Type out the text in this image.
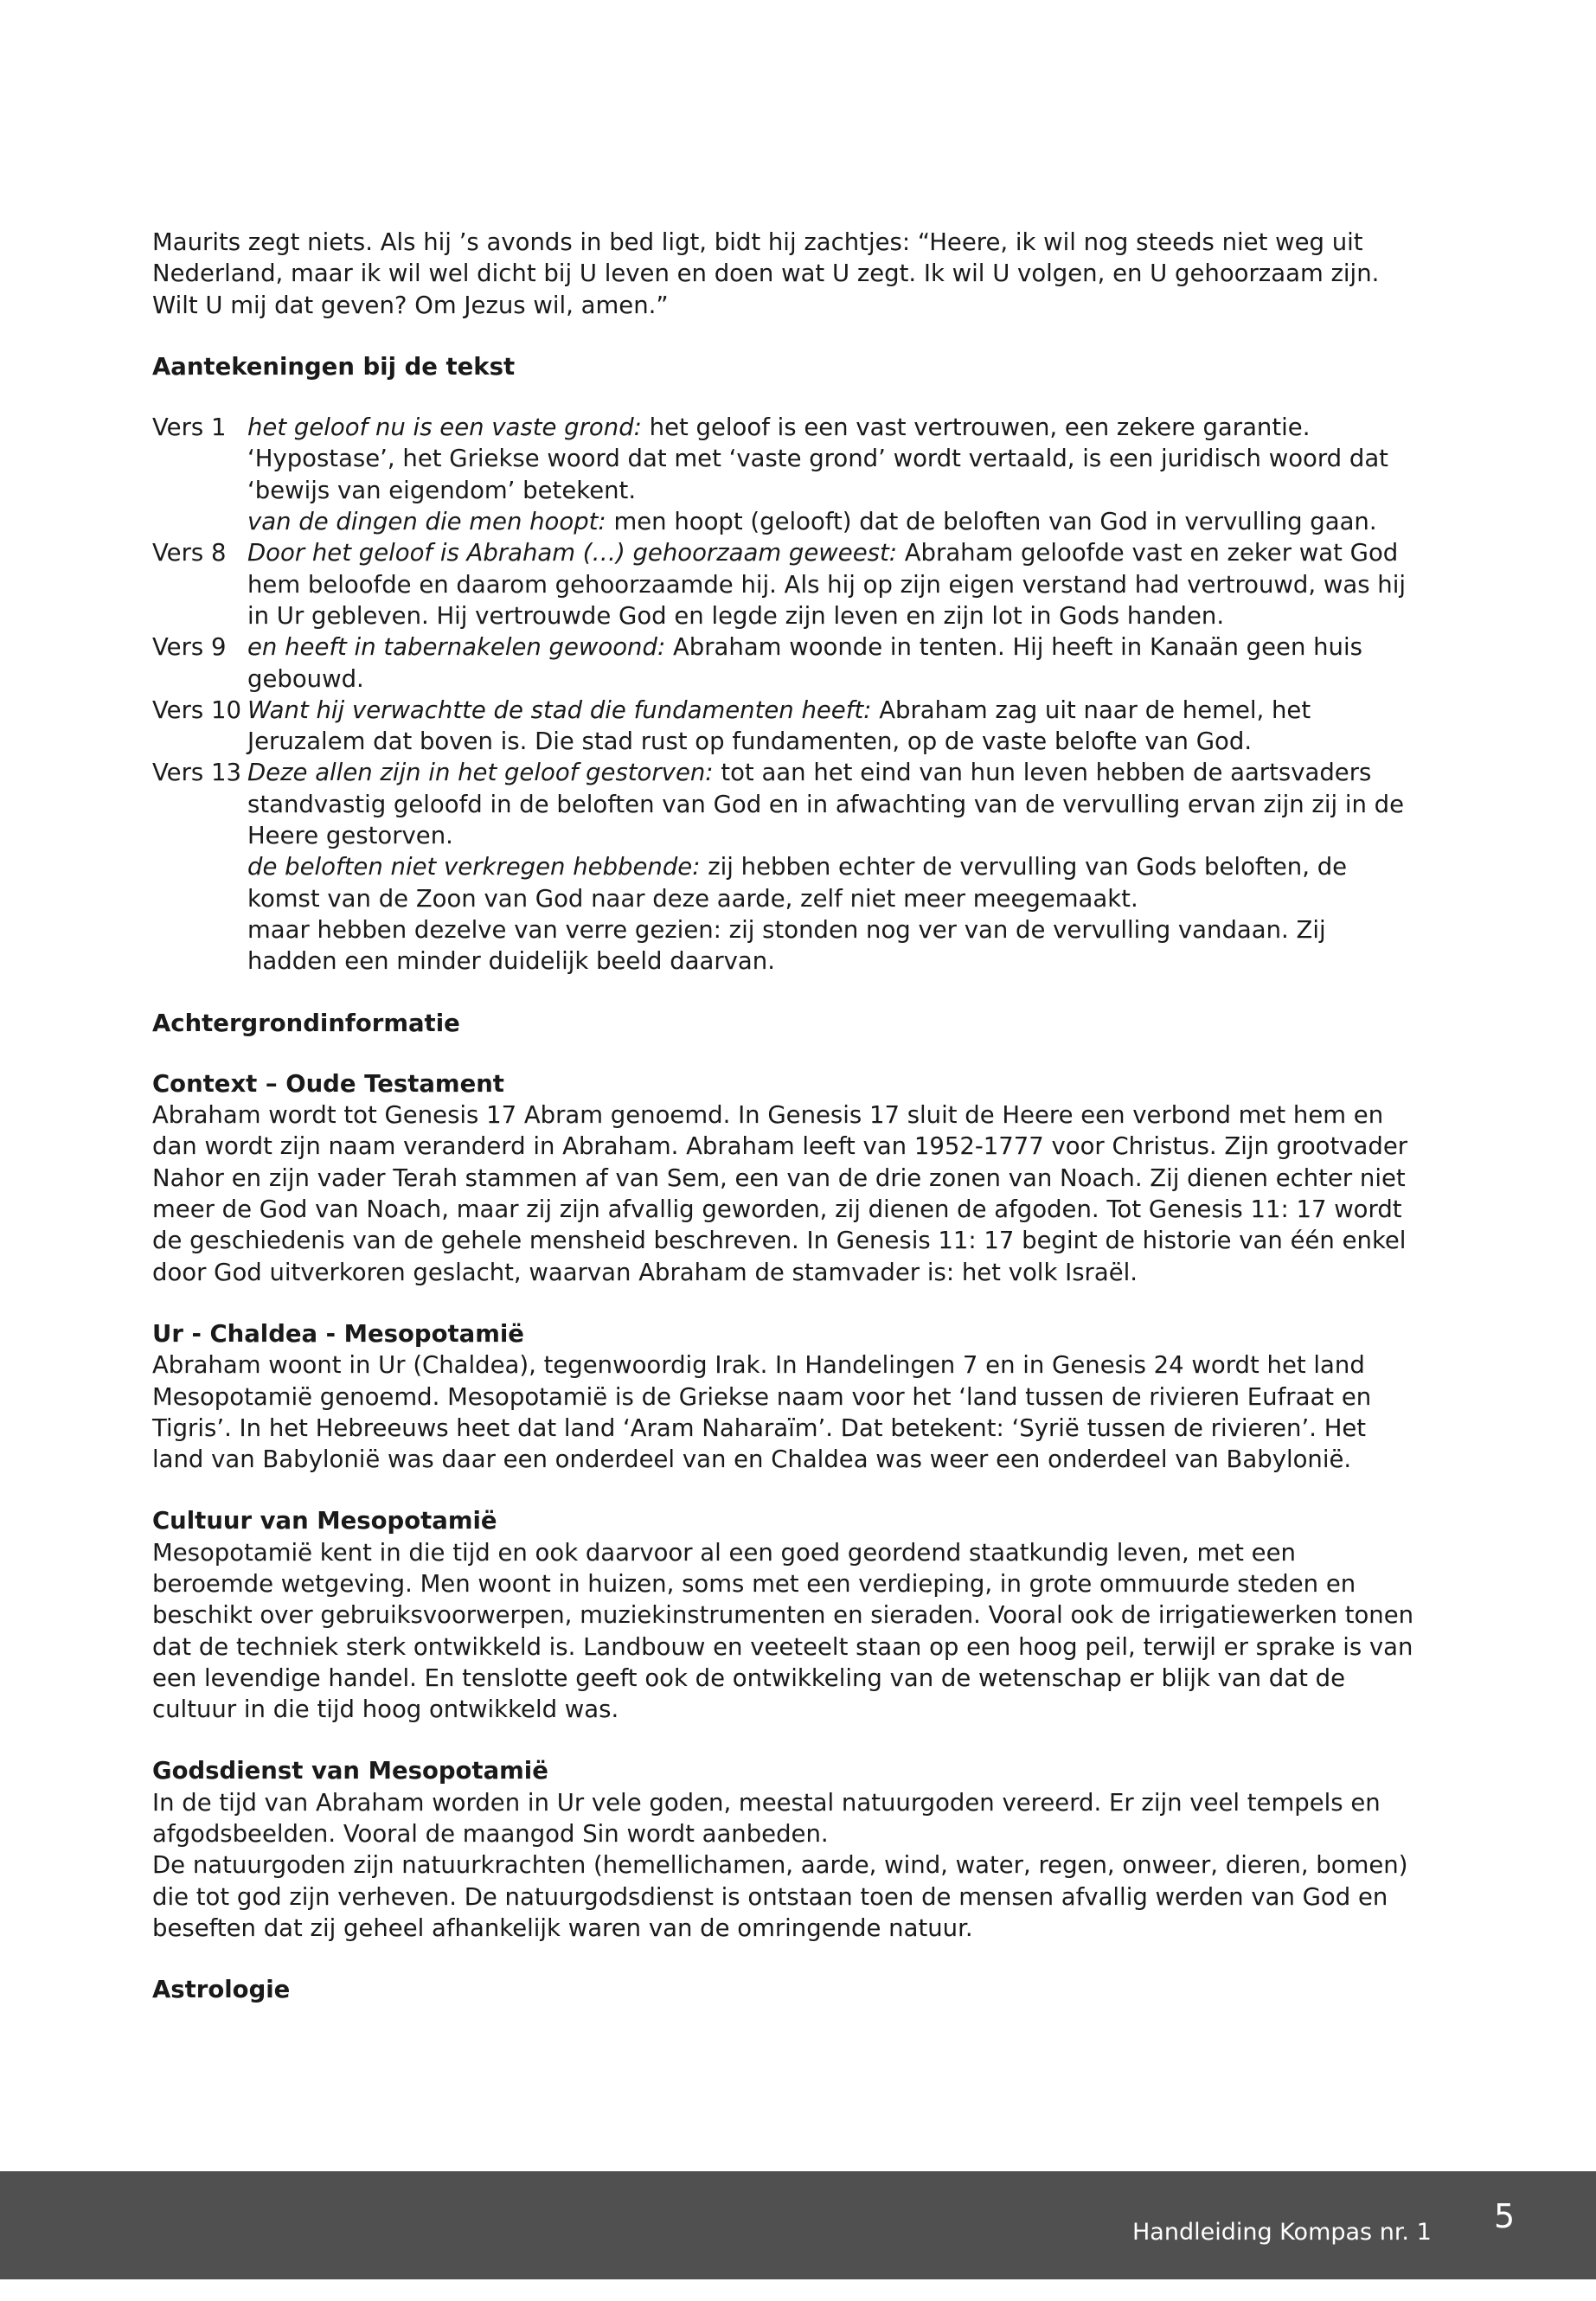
Maurits zegt niets. Als hij ’s avonds in bed ligt, bidt hij zachtjes: “Heere, ik wil nog steeds niet weg uit Nederland, maar ik wil wel dicht bij U leven en doen wat U zegt. Ik wil U volgen, en U gehoorzaam zijn. Wilt U mij dat geven? Om Jezus wil, amen.”

Aantekeningen bij de tekst
Vers 1 het geloof nu is een vaste grond: het geloof is een vast vertrouwen, een zekere garantie. ‘Hypostase’, het Griekse woord dat met ‘vaste grond’ wordt vertaald, is een juridisch woord dat ‘bewijs van eigendom’ betekent.

van de dingen die men hoopt: men hoopt (gelooft) dat de beloften van God in vervulling gaan.

Vers 8 Door het geloof is Abraham (…) gehoorzaam geweest: Abraham geloofde vast en zeker wat God hem beloofde en daarom gehoorzaamde hij. Als hij op zijn eigen verstand had vertrouwd, was hij in Ur gebleven. Hij vertrouwde God en legde zijn leven en zijn lot in Gods handen.

Vers 9 en heeft in tabernakelen gewoond: Abraham woonde in tenten. Hij heeft in Kanaän geen huis gebouwd.

Vers 10 Want hij verwachtte de stad die fundamenten heeft: Abraham zag uit naar de hemel, het Jeruzalem dat boven is. Die stad rust op fundamenten, op de vaste belofte van God.

Vers 13 Deze allen zijn in het geloof gestorven: tot aan het eind van hun leven hebben de aartsvaders standvastig geloofd in de beloften van God en in afwachting van de vervulling ervan zijn zij in de Heere gestorven.

de beloften niet verkregen hebbende: zij hebben echter de vervulling van Gods beloften, de komst van de Zoon van God naar deze aarde, zelf niet meer meegemaakt.

maar hebben dezelve van verre gezien: zij stonden nog ver van de vervulling vandaan. Zij hadden een minder duidelijk beeld daarvan.

Achtergrondinformatie
Context – Oude Testament

Abraham wordt tot Genesis 17 Abram genoemd. In Genesis 17 sluit de Heere een verbond met hem en dan wordt zijn naam veranderd in Abraham. Abraham leeft van 1952-1777 voor Christus. Zijn grootvader Nahor en zijn vader Terah stammen af van Sem, een van de drie zonen van Noach. Zij dienen echter niet meer de God van Noach, maar zij zijn afvallig geworden, zij dienen de afgoden. Tot Genesis 11: 17 wordt de geschiedenis van de gehele mensheid beschreven. In Genesis 11: 17 begint de historie van één enkel door God uitverkoren geslacht, waarvan Abraham de stamvader is: het volk Israël.

Ur - Chaldea - Mesopotamië

Abraham woont in Ur (Chaldea), tegenwoordig Irak. In Handelingen 7 en in Genesis 24 wordt het land Mesopotamië genoemd. Mesopotamië is de Griekse naam voor het ‘land tussen de rivieren Eufraat en Tigris’. In het Hebreeuws heet dat land ‘Aram Naharaïm’. Dat betekent: ‘Syrië tussen de rivieren’. Het land van Babylonië was daar een onderdeel van en Chaldea was weer een onderdeel van Babylonië.

Cultuur van Mesopotamië

Mesopotamië kent in die tijd en ook daarvoor al een goed geordend staatkundig leven, met een beroemde wetgeving. Men woont in huizen, soms met een verdieping, in grote ommuurde steden en beschikt over gebruiksvoorwerpen, muziekinstrumenten en sieraden. Vooral ook de irrigatiewerken tonen dat de techniek sterk ontwikkeld is. Landbouw en veeteelt staan op een hoog peil, terwijl er sprake is van een levendige handel. En tenslotte geeft ook de ontwikkeling van de wetenschap er blijk van dat de cultuur in die tijd hoog ontwikkeld was.

Godsdienst van Mesopotamië

In de tijd van Abraham worden in Ur vele goden, meestal natuurgoden vereerd. Er zijn veel tempels en afgodsbeelden. Vooral de maangod Sin wordt aanbeden.

De natuurgoden zijn natuurkrachten (hemellichamen, aarde, wind, water, regen, onweer, dieren, bomen) die tot god zijn verheven. De natuurgodsdienst is ontstaan toen de mensen afvallig werden van God en beseften dat zij geheel afhankelijk waren van de omringende natuur.

Astrologie
Handleiding Kompas nr. 1 5
